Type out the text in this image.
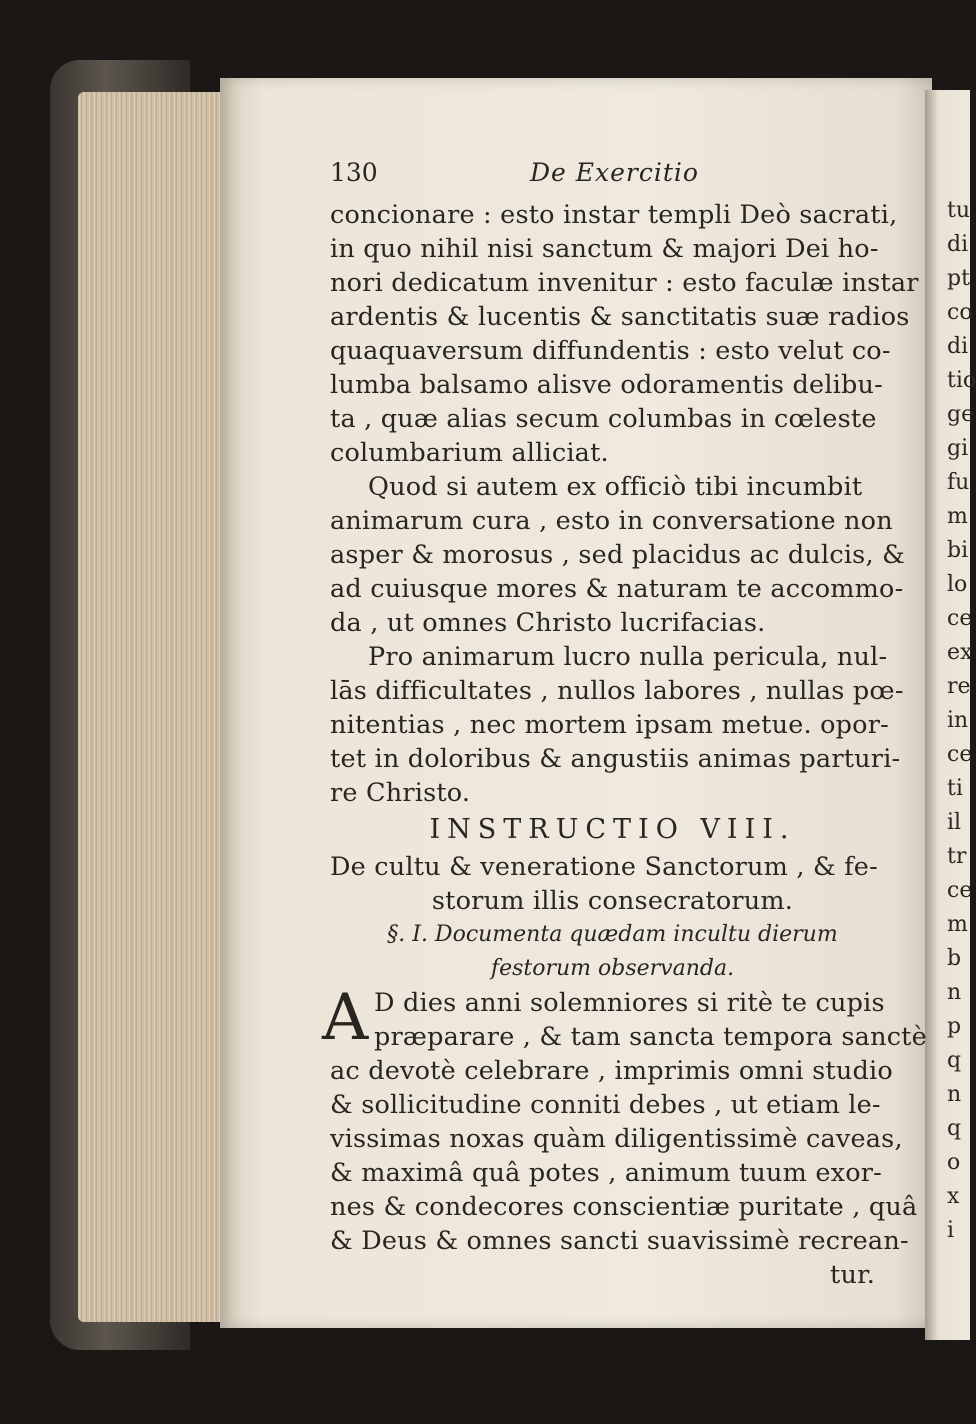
tu
di
pt
co
di
tio
ge
gi
fu
m
bi
lo
ce
ex
re
in
ce
ti
il
tr
ce
m
b
n
p
q
n
q
o
x
i
130	De Exercitio
concionare : esto instar templi Deò sacrati,
in quo nihil nisi sanctum & majori Dei ho-
nori dedicatum invenitur : esto faculæ instar
ardentis & lucentis & sanctitatis suæ radios
quaquaversum diffundentis : esto velut co-
lumba balsamo alisve odoramentis delibu-
ta , quæ alias secum columbas in cœleste
columbarium alliciat.
Quod si autem ex officiò tibi incumbit
animarum cura , esto in conversatione non
asper & morosus , sed placidus ac dulcis, &
ad cuiusque mores & naturam te accommo-
da , ut omnes Christo lucrifacias.
Pro animarum lucro nulla pericula, nul-
lās difficultates , nullos labores , nullas pœ-
nitentias , nec mortem ipsam metue. opor-
tet in doloribus & angustiis animas parturi-
re Christo.
INSTRUCTIO VIII.
De cultu & veneratione Sanctorum , & fe-
storum illis consecratorum.
§. I. Documenta quædam incultu dierum
festorum observanda.
A D dies anni solemniores si ritè te cupis
præparare , & tam sancta tempora sanctè
ac devotè celebrare , imprimis omni studio
& sollicitudine conniti debes , ut etiam le-
vissimas noxas quàm diligentissimè caveas,
& maximâ quâ potes , animum tuum exor-
nes & condecores conscientiæ puritate , quâ
& Deus & omnes sancti suavissimè recrean-
tur.
